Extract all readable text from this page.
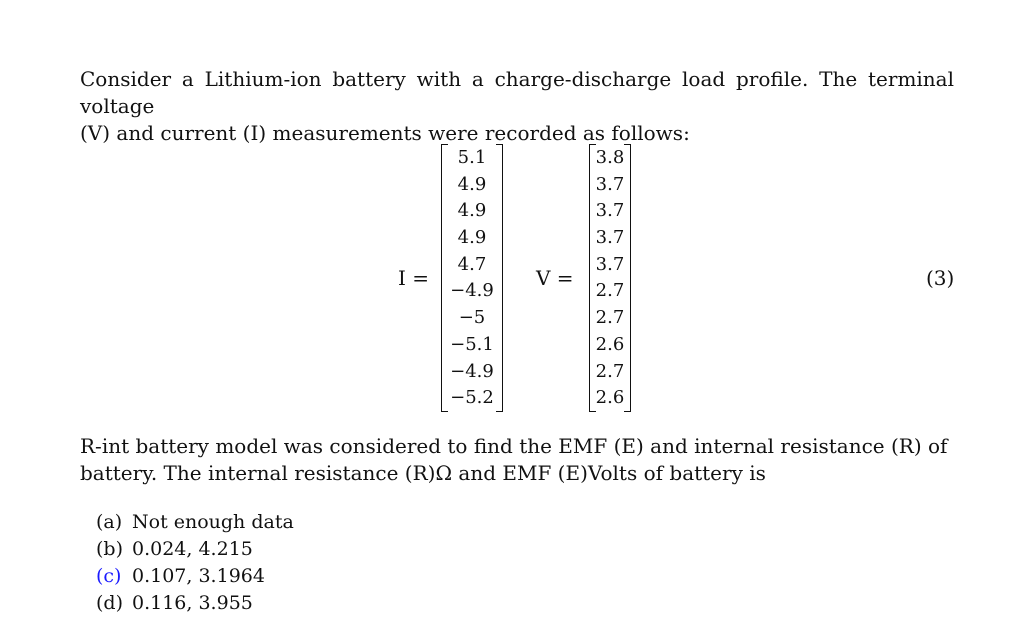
Consider a Lithium-ion battery with a charge-discharge load profile. The terminal voltage
(V) and current (I) measurements were recorded as follows:

I =
5.1
4.9
4.9
4.9
4.7
−4.9
−5
−5.1
−4.9
−5.2
V =
3.8
3.7
3.7
3.7
3.7
2.7
2.7
2.6
2.7
2.6
(3)

R-int battery model was considered to find the EMF (E) and internal resistance (R) of
battery. The internal resistance (R)Ω and EMF (E)Volts of battery is

(a) Not enough data
(b) 0.024, 4.215
(c) 0.107, 3.1964
(d) 0.116, 3.955
